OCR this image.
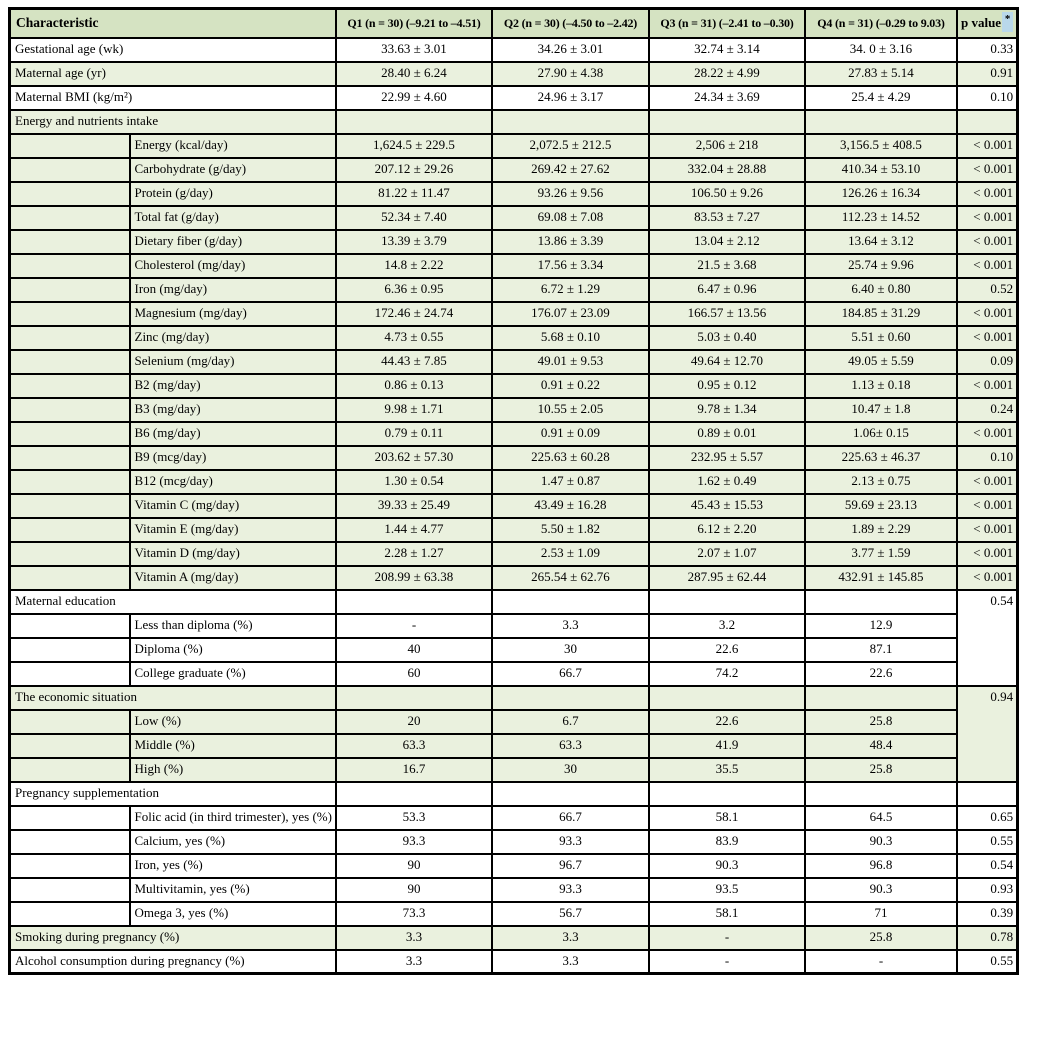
Characteristic		Q1 (n = 30) (–9.21 to –4.51)	Q2 (n = 30) (–4.50 to –2.42)	Q3 (n = 31) (–2.41 to –0.30)	Q4 (n = 31) (–0.29 to 9.03)	p value *
Gestational age (wk)		33.63 ± 3.01	34.26 ± 3.01	32.74 ± 3.14	34. 0 ± 3.16	0.33
Maternal age (yr)		28.40 ± 6.24	27.90 ± 4.38	28.22 ± 4.99	27.83 ± 5.14	0.91
Maternal BMI (kg/m²)		22.99 ± 4.60	24.96 ± 3.17	24.34 ± 3.69	25.4 ± 4.29	0.10
Energy and nutrients intake						
	Energy (kcal/day)	1,624.5 ± 229.5	2,072.5 ± 212.5	2,506 ± 218	3,156.5 ± 408.5	< 0.001
	Carbohydrate (g/day)	207.12 ± 29.26	269.42 ± 27.62	332.04 ± 28.88	410.34 ± 53.10	< 0.001
	Protein (g/day)	81.22 ± 11.47	93.26 ± 9.56	106.50 ± 9.26	126.26 ± 16.34	< 0.001
	Total fat (g/day)	52.34 ± 7.40	69.08 ± 7.08	83.53 ± 7.27	112.23 ± 14.52	< 0.001
	Dietary fiber (g/day)	13.39 ± 3.79	13.86 ± 3.39	13.04 ± 2.12	13.64 ± 3.12	< 0.001
	Cholesterol (mg/day)	14.8 ± 2.22	17.56 ± 3.34	21.5 ± 3.68	25.74 ± 9.96	< 0.001
	Iron (mg/day)	6.36 ± 0.95	6.72 ± 1.29	6.47 ± 0.96	6.40 ± 0.80	0.52
	Magnesium (mg/day)	172.46 ± 24.74	176.07 ± 23.09	166.57 ± 13.56	184.85 ± 31.29	< 0.001
	Zinc (mg/day)	4.73 ± 0.55	5.68 ± 0.10	5.03 ± 0.40	5.51 ± 0.60	< 0.001
	Selenium (mg/day)	44.43 ± 7.85	49.01 ± 9.53	49.64 ± 12.70	49.05 ± 5.59	0.09
	B2 (mg/day)	0.86 ± 0.13	0.91 ± 0.22	0.95 ± 0.12	1.13 ± 0.18	< 0.001
	B3 (mg/day)	9.98 ± 1.71	10.55 ± 2.05	9.78 ± 1.34	10.47 ± 1.8	0.24
	B6 (mg/day)	0.79 ± 0.11	0.91 ± 0.09	0.89 ± 0.01	1.06± 0.15	< 0.001
	B9 (mcg/day)	203.62 ± 57.30	225.63 ± 60.28	232.95 ± 5.57	225.63 ± 46.37	0.10
	B12 (mcg/day)	1.30 ± 0.54	1.47 ± 0.87	1.62 ± 0.49	2.13 ± 0.75	< 0.001
	Vitamin C (mg/day)	39.33 ± 25.49	43.49 ± 16.28	45.43 ± 15.53	59.69 ± 23.13	< 0.001
	Vitamin E (mg/day)	1.44 ± 4.77	5.50 ± 1.82	6.12 ± 2.20	1.89 ± 2.29	< 0.001
	Vitamin D (mg/day)	2.28 ± 1.27	2.53 ± 1.09	2.07 ± 1.07	3.77 ± 1.59	< 0.001
	Vitamin A (mg/day)	208.99 ± 63.38	265.54 ± 62.76	287.95 ± 62.44	432.91 ± 145.85	< 0.001
Maternal education						0.54
	Less than diploma (%)	-	3.3	3.2	12.9	
	Diploma (%)	40	30	22.6	87.1	
	College graduate (%)	60	66.7	74.2	22.6	
The economic situation						0.94
	Low (%)	20	6.7	22.6	25.8	
	Middle (%)	63.3	63.3	41.9	48.4	
	High (%)	16.7	30	35.5	25.8	
Pregnancy supplementation						
	Folic acid (in third trimester), yes (%)	53.3	66.7	58.1	64.5	0.65
	Calcium, yes (%)	93.3	93.3	83.9	90.3	0.55
	Iron, yes (%)	90	96.7	90.3	96.8	0.54
	Multivitamin, yes (%)	90	93.3	93.5	90.3	0.93
	Omega 3, yes (%)	73.3	56.7	58.1	71	0.39
Smoking during pregnancy (%)		3.3	3.3	-	25.8	0.78
Alcohol consumption during pregnancy (%)		3.3	3.3	-	-	0.55
